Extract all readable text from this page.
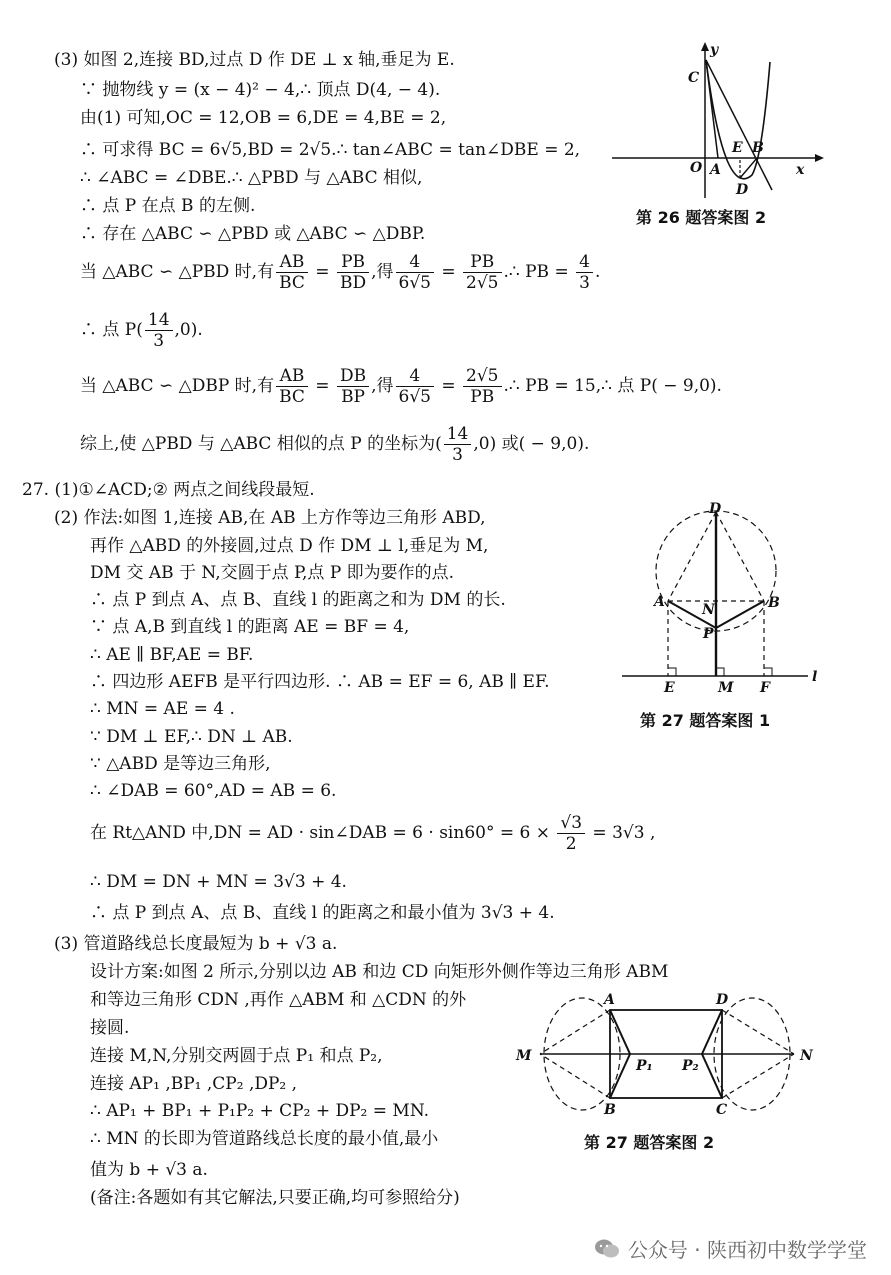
(3) 如图 2,连接 BD,过点 D 作 DE ⊥ x 轴,垂足为 E.
∵ 抛物线 y = (x − 4)² − 4,∴ 顶点 D(4, − 4).
由(1) 可知,OC = 12,OB = 6,DE = 4,BE = 2,
∴ 可求得 BC = 6√5,BD = 2√5.∴ tan∠ABC = tan∠DBE = 2,
∴ ∠ABC = ∠DBE.∴ △PBD 与 △ABC 相似,
∴ 点 P 在点 B 的左侧.
∴ 存在 △ABC ∽ △PBD 或 △ABC ∽ △DBP.
当 △ABC ∽ △PBD 时,有 $\frac{AB}{BC} = \frac{PB}{BD}$ ,得 $\frac{4}{6√5} = \frac{PB}{2√5}$ .∴ PB = $\frac{4}{3}$ .
∴ 点 $P( \frac{14}{3} ,0)$.
当 △ABC ∽ △DBP 时,有 $\frac{AB}{BC} = \frac{DB}{BP}$ ,得 $\frac{4}{6√5} = \frac{2√5}{PB}$ .∴ PB = 15,∴ 点 P( − 9,0).
综上,使 △PBD 与 △ABC 相似的点 P 的坐标为( $\frac{14}{3} ,0$) 或( − 9,0).
y
x
C
O A
E B
D
第 26 题答案图 2
27. (1)①∠ACD;② 两点之间线段最短.
(2) 作法:如图 1,连接 AB,在 AB 上方作等边三角形 ABD,
再作 △ABD 的外接圆,过点 D 作 DM ⊥ l,垂足为 M,
DM 交 AB 于 N,交圆于点 P,点 P 即为要作的点.
∴ 点 P 到点 A、点 B、直线 l 的距离之和为 DM 的长.
∵ 点 A,B 到直线 l 的距离 AE = BF = 4,
∴ AE ∥ BF,AE = BF.
∴ 四边形 AEFB 是平行四边形. ∴ AB = EF = 6, AB ∥ EF.
∴ MN = AE = 4 .
∵ DM ⊥ EF,∴ DN ⊥ AB.
∵ △ABD 是等边三角形,
∴ ∠DAB = 60°,AD = AB = 6.
在 Rt△AND 中,DN = AD · sin∠DAB = $6 \cdot \sin 60^\circ = 6 \times \frac{√3}{2} = 3√3$ ,
∴ DM = DN + MN = 3√3 + 4.
∴ 点 P 到点 A、点 B、直线 l 的距离之和最小值为 3√3 + 4.
(3) 管道路线总长度最短为 b + √3 a.
设计方案:如图 2 所示,分别以边 AB 和边 CD 向矩形外侧作等边三角形 ABM
和等边三角形 CDN ,再作 △ABM 和 △CDN 的外
接圆.
连接 M,N,分别交两圆于点 P₁ 和点 P₂,
连接 AP₁ ,BP₁ ,CP₂ ,DP₂ ,
∴ AP₁ + BP₁ + P₁P₂ + CP₂ + DP₂ = MN.
∴ MN 的长即为管道路线总长度的最小值,最小
值为 b + √3 a.
(备注:各题如有其它解法,只要正确,均可参照给分)
D
A	N	B
P
E	M F
l
第 27 题答案图 1
A	D
M	N
P₁ P₂
B	C
第 27 题答案图 2
公众号 · 陕西初中数学学堂
